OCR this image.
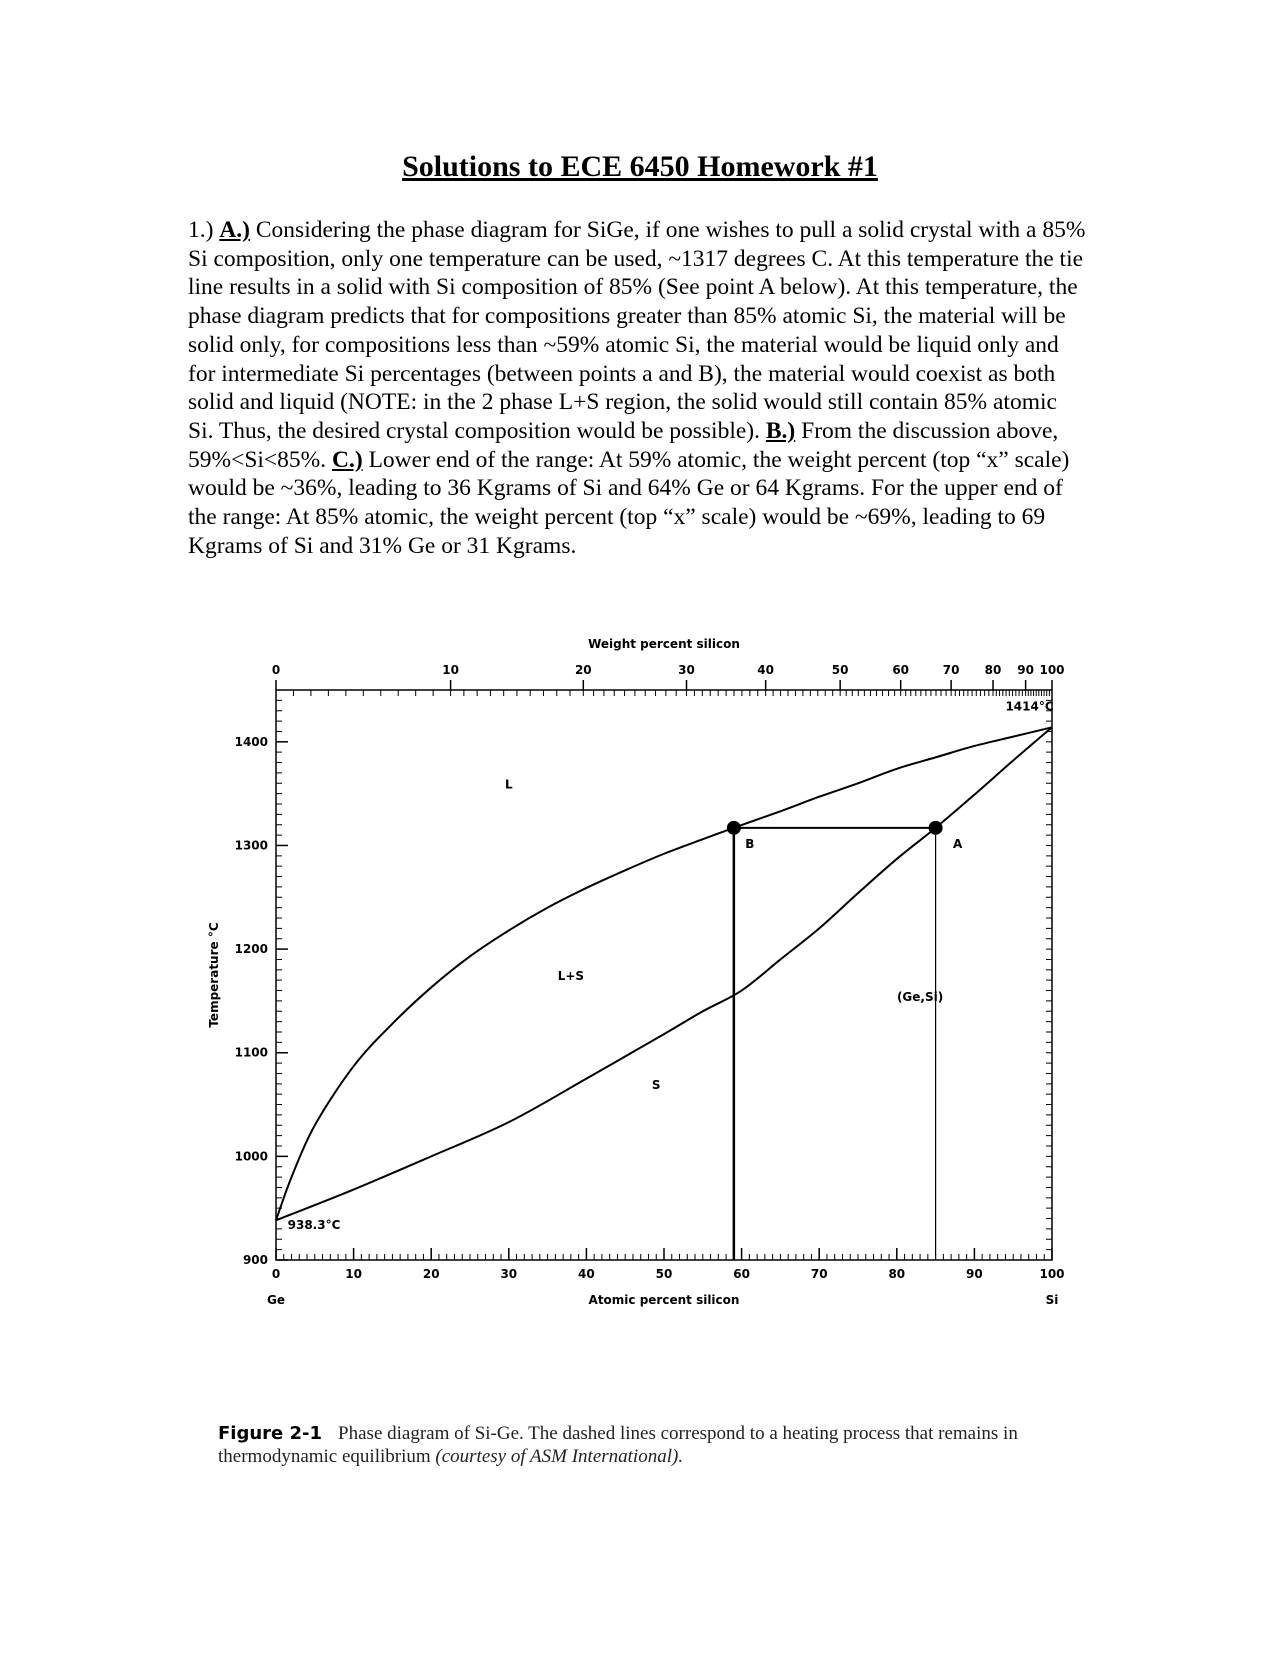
Solutions to ECE 6450 Homework #1
1.) A.) Considering the phase diagram for SiGe, if one wishes to pull a solid crystal with a 85% Si composition, only one temperature can be used, ~1317 degrees C. At this temperature the tie line results in a solid with Si composition of 85% (See point A below). At this temperature, the phase diagram predicts that for compositions greater than 85% atomic Si, the material will be solid only, for compositions less than ~59% atomic Si, the material would be liquid only and for intermediate Si percentages (between points a and B), the material would coexist as both solid and liquid (NOTE: in the 2 phase L+S region, the solid would still contain 85% atomic Si. Thus, the desired crystal composition would be possible). B.) From the discussion above, 59%<Si<85%. C.) Lower end of the range: At 59% atomic, the weight percent (top “x” scale) would be ~36%, leading to 36 Kgrams of Si and 64% Ge or 64 Kgrams. For the upper end of the range: At 85% atomic, the weight percent (top “x” scale) would be ~69%, leading to 69 Kgrams of Si and 31% Ge or 31 Kgrams.
900
1000
1100
1200
1300
1400
0	10	20	30	40	50	60	70	80	90	100
0	10	20	30	40	50	60	70 80 90 100
Weight percent silicon
Atomic percent silicon
Ge	Si
Temperature °C
B	A
L
L+S
S
(Ge,Si)
938.3°C
1414°C
Figure 2-1 Phase diagram of Si-Ge. The dashed lines correspond to a heating process that remains in thermodynamic equilibrium (courtesy of ASM International).
